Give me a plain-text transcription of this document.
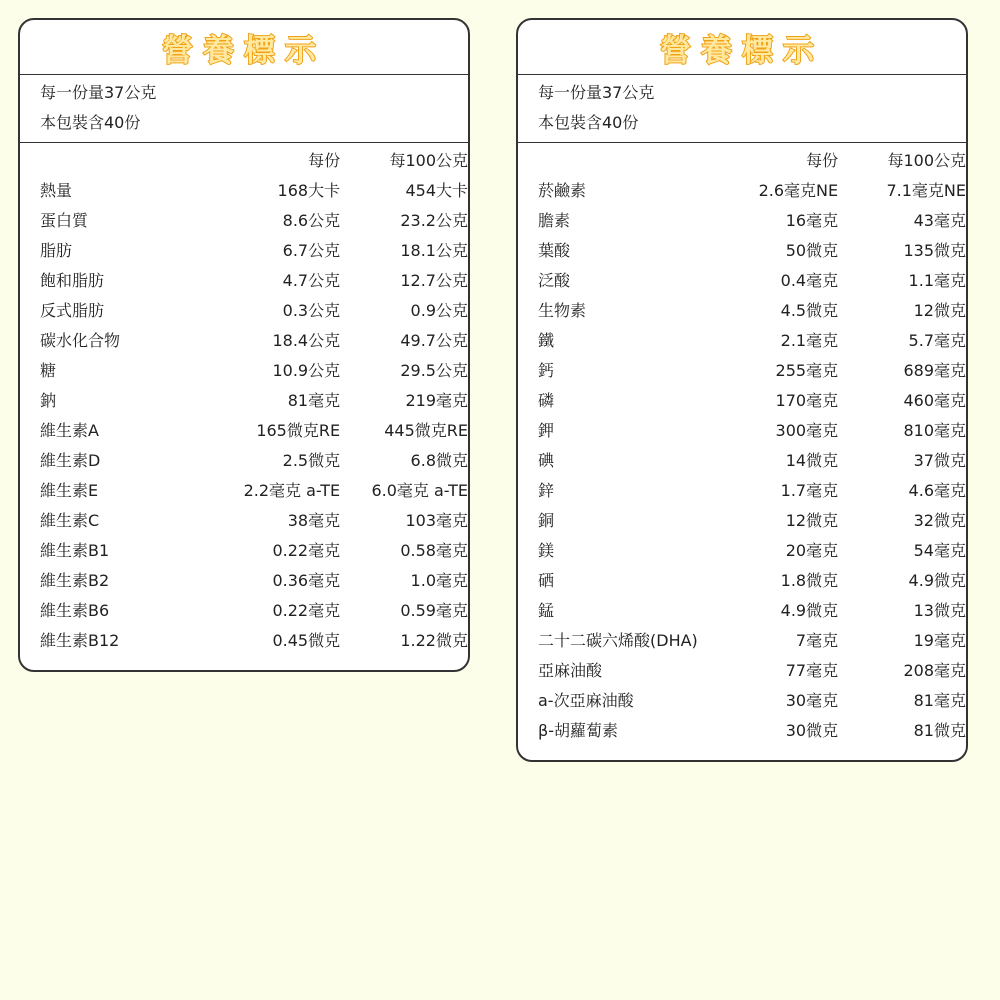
營養標示
每一份量37公克
本包裝含40份
每份	每100公克
熱量	168大卡	454大卡
蛋白質	8.6公克	23.2公克
脂肪	6.7公克	18.1公克
飽和脂肪	4.7公克	12.7公克
反式脂肪	0.3公克	0.9公克
碳水化合物	18.4公克	49.7公克
糖	10.9公克	29.5公克
鈉	81毫克	219毫克
維生素A	165微克RE	445微克RE
維生素D	2.5微克	6.8微克
維生素E	2.2毫克 a-TE	6.0毫克 a-TE
維生素C	38毫克	103毫克
維生素B1	0.22毫克	0.58毫克
維生素B2	0.36毫克	1.0毫克
維生素B6	0.22毫克	0.59毫克
維生素B12	0.45微克	1.22微克
營養標示
每一份量37公克
本包裝含40份
每份	每100公克
菸鹼素	2.6毫克NE	7.1毫克NE
膽素	16毫克	43毫克
葉酸	50微克	135微克
泛酸	0.4毫克	1.1毫克
生物素	4.5微克	12微克
鐵	2.1毫克	5.7毫克
鈣	255毫克	689毫克
磷	170毫克	460毫克
鉀	300毫克	810毫克
碘	14微克	37微克
鋅	1.7毫克	4.6毫克
銅	12微克	32微克
鎂	20毫克	54毫克
硒	1.8微克	4.9微克
錳	4.9微克	13微克
二十二碳六烯酸(DHA)	7毫克	19毫克
亞麻油酸	77毫克	208毫克
a-次亞麻油酸	30毫克	81毫克
β-胡蘿蔔素	30微克	81微克
